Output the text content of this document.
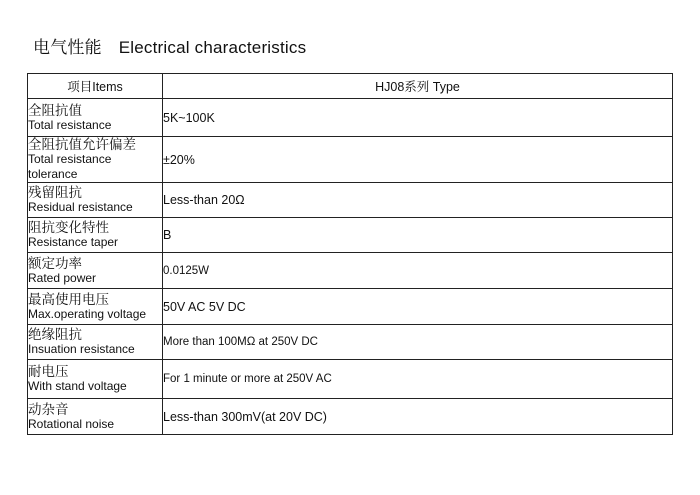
电气性能 Electrical characteristics
项目Items	HJ08系列 Type

全阻抗值
Total resistance	5K~100K

全阻抗值允许偏差
Total resistance tolerance	±20%

残留阻抗
Residual resistance	Less-than 20Ω

阻抗变化特性
Resistance taper	B

额定功率
Rated power	0.0125W

最高使用电压
Max.operating voltage	50V AC 5V DC

绝缘阻抗
Insuation resistance	More than 100MΩ at 250V DC

耐电压
With stand voltage	For 1 minute or more at 250V AC

动杂音
Rotational noise	Less-than 300mV(at 20V DC)
